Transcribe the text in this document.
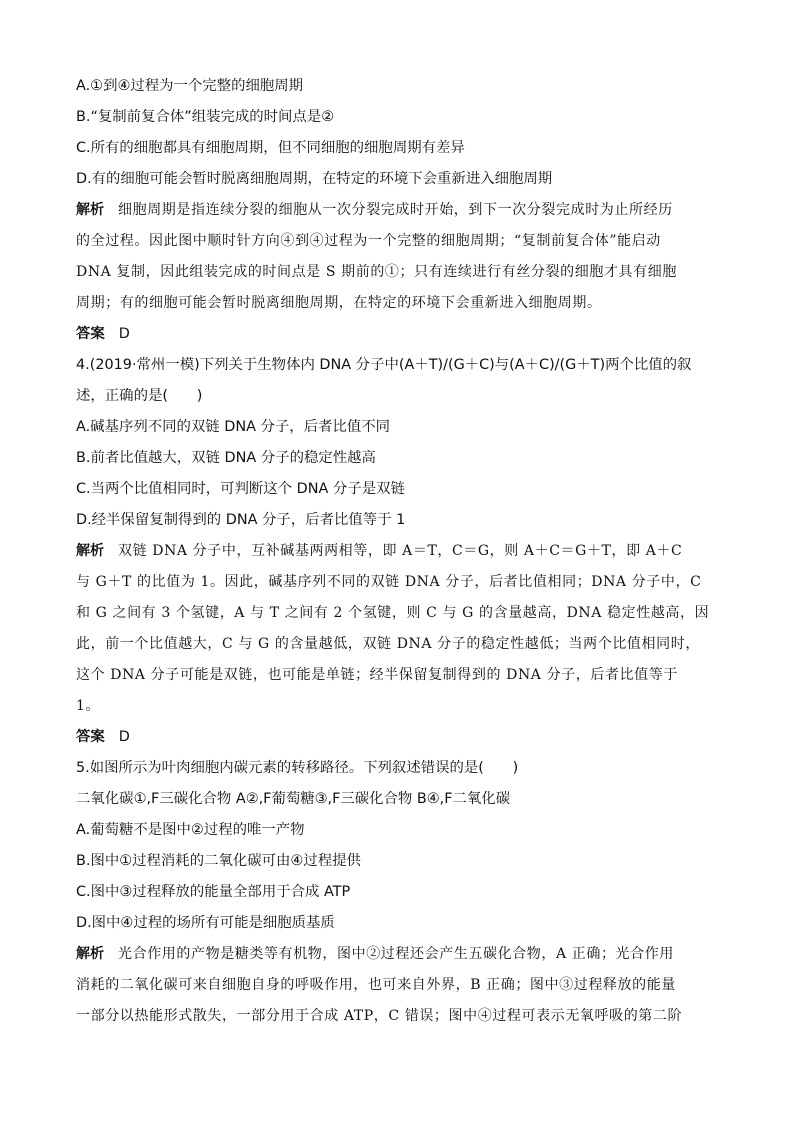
A.①到④过程为一个完整的细胞周期
B.“复制前复合体”组装完成的时间点是②
C.所有的细胞都具有细胞周期，但不同细胞的细胞周期有差异
D.有的细胞可能会暂时脱离细胞周期，在特定的环境下会重新进入细胞周期
解析 细胞周期是指连续分裂的细胞从一次分裂完成时开始，到下一次分裂完成时为止所经历
的全过程。因此图中顺时针方向④到④过程为一个完整的细胞周期；“复制前复合体”能启动
DNA 复制，因此组装完成的时间点是 S 期前的①；只有连续进行有丝分裂的细胞才具有细胞
周期；有的细胞可能会暂时脱离细胞周期，在特定的环境下会重新进入细胞周期。
答案 D
4.(2019·常州一模)下列关于生物体内 DNA 分子中(A＋T)/(G＋C)与(A＋C)/(G＋T)两个比值的叙
述，正确的是(　　)
A.碱基序列不同的双链 DNA 分子，后者比值不同
B.前者比值越大，双链 DNA 分子的稳定性越高
C.当两个比值相同时，可判断这个 DNA 分子是双链
D.经半保留复制得到的 DNA 分子，后者比值等于 1
解析 双链 DNA 分子中，互补碱基两两相等，即 A＝T，C＝G，则 A＋C＝G＋T，即 A＋C
与 G＋T 的比值为 1。因此，碱基序列不同的双链 DNA 分子，后者比值相同；DNA 分子中，C
和 G 之间有 3 个氢键，A 与 T 之间有 2 个氢键，则 C 与 G 的含量越高，DNA 稳定性越高，因
此，前一个比值越大，C 与 G 的含量越低，双链 DNA 分子的稳定性越低；当两个比值相同时，
这个 DNA 分子可能是双链，也可能是单链；经半保留复制得到的 DNA 分子，后者比值等于
1。
答案 D
5.如图所示为叶肉细胞内碳元素的转移路径。下列叙述错误的是(　　)
二氧化碳①,F三碳化合物 A②,F葡萄糖③,F三碳化合物 B④,F二氧化碳
A.葡萄糖不是图中②过程的唯一产物
B.图中①过程消耗的二氧化碳可由④过程提供
C.图中③过程释放的能量全部用于合成 ATP
D.图中④过程的场所有可能是细胞质基质
解析 光合作用的产物是糖类等有机物，图中②过程还会产生五碳化合物，A 正确；光合作用
消耗的二氧化碳可来自细胞自身的呼吸作用，也可来自外界，B 正确；图中③过程释放的能量
一部分以热能形式散失，一部分用于合成 ATP，C 错误；图中④过程可表示无氧呼吸的第二阶
